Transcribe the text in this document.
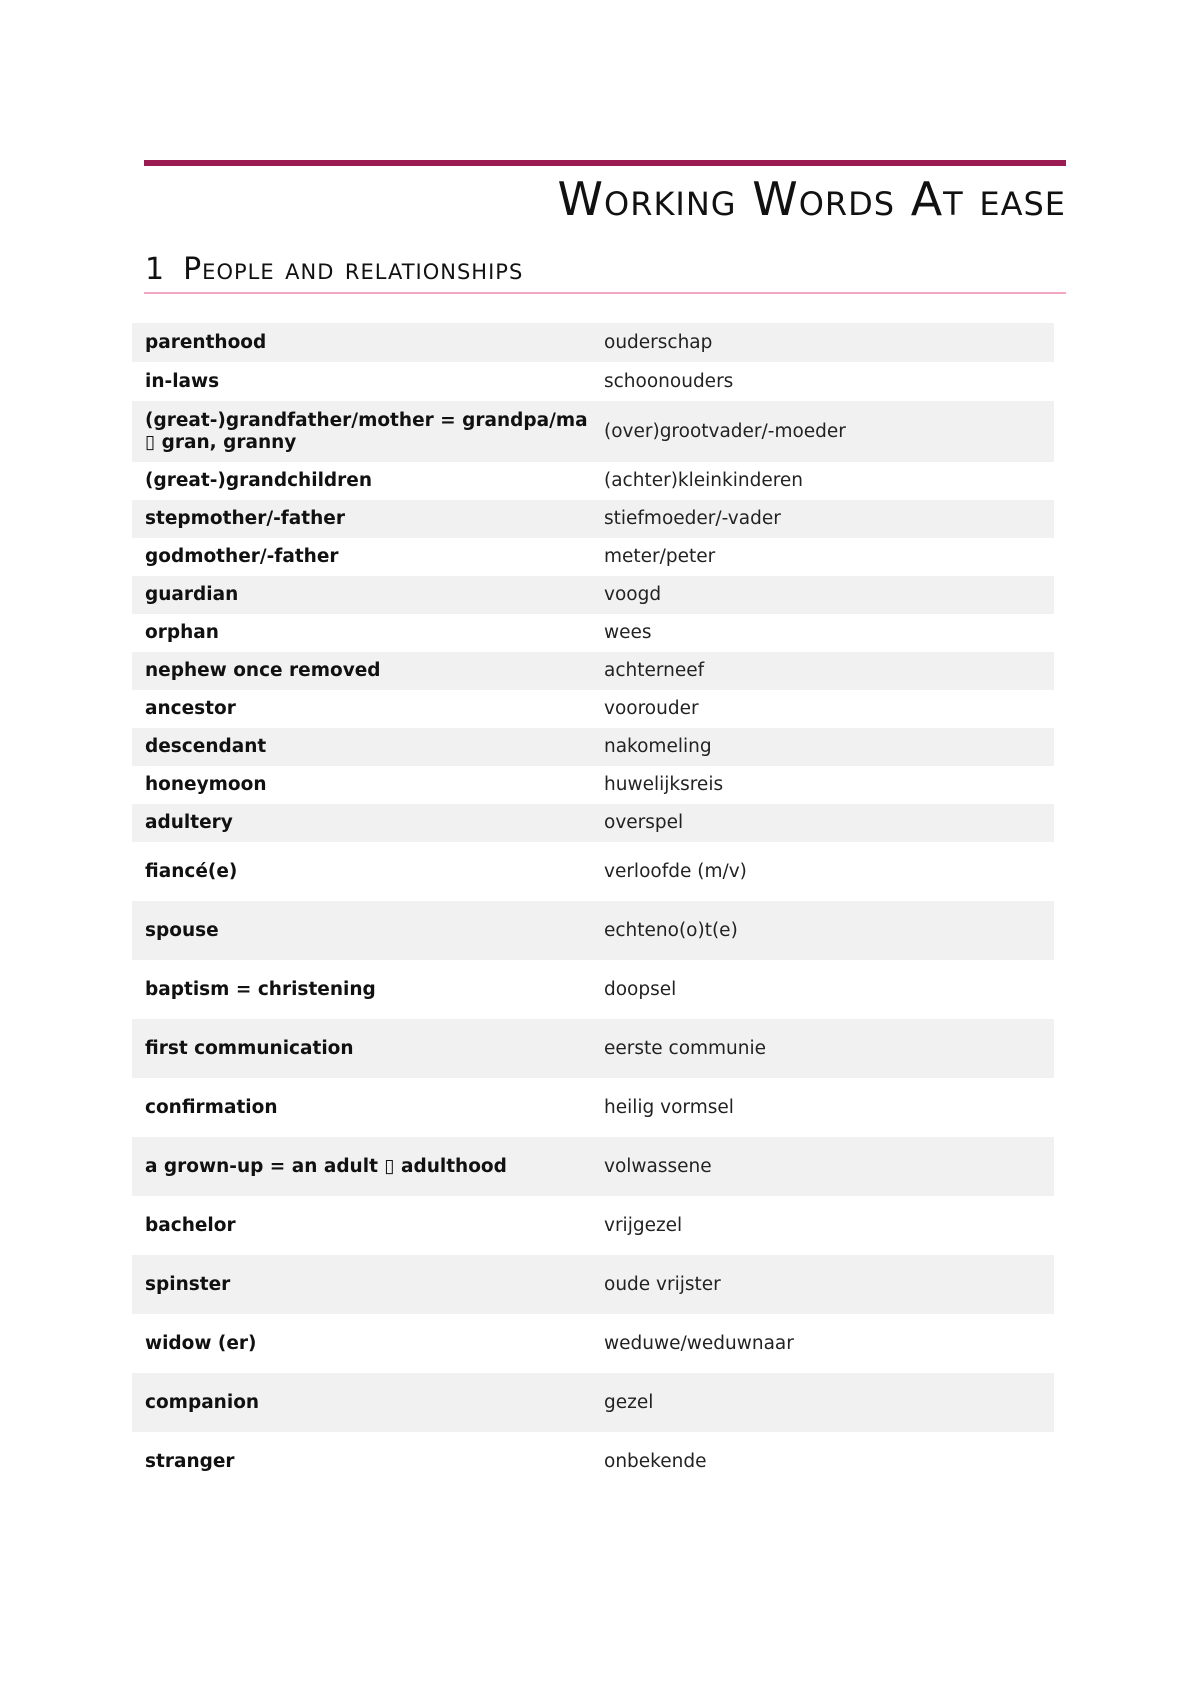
Working Words At ease
1 People and relationships
parenthood	ouderschap
in-laws	schoonouders
(great-)grandfather/mother = grandpa/ma ▯ gran, granny	(over)grootvader/-moeder
(great-)grandchildren	(achter)kleinkinderen
stepmother/-father	stiefmoeder/-vader
godmother/-father	meter/peter
guardian	voogd
orphan	wees
nephew once removed	achterneef
ancestor	voorouder
descendant	nakomeling
honeymoon	huwelijksreis
adultery	overspel
fiancé(e)	verloofde (m/v)
spouse	echteno(o)t(e)
baptism = christening	doopsel
first communication	eerste communie
confirmation	heilig vormsel
a grown-up = an adult ▯ adulthood	volwassene
bachelor	vrijgezel
spinster	oude vrijster
widow (er)	weduwe/weduwnaar
companion	gezel
stranger	onbekende
